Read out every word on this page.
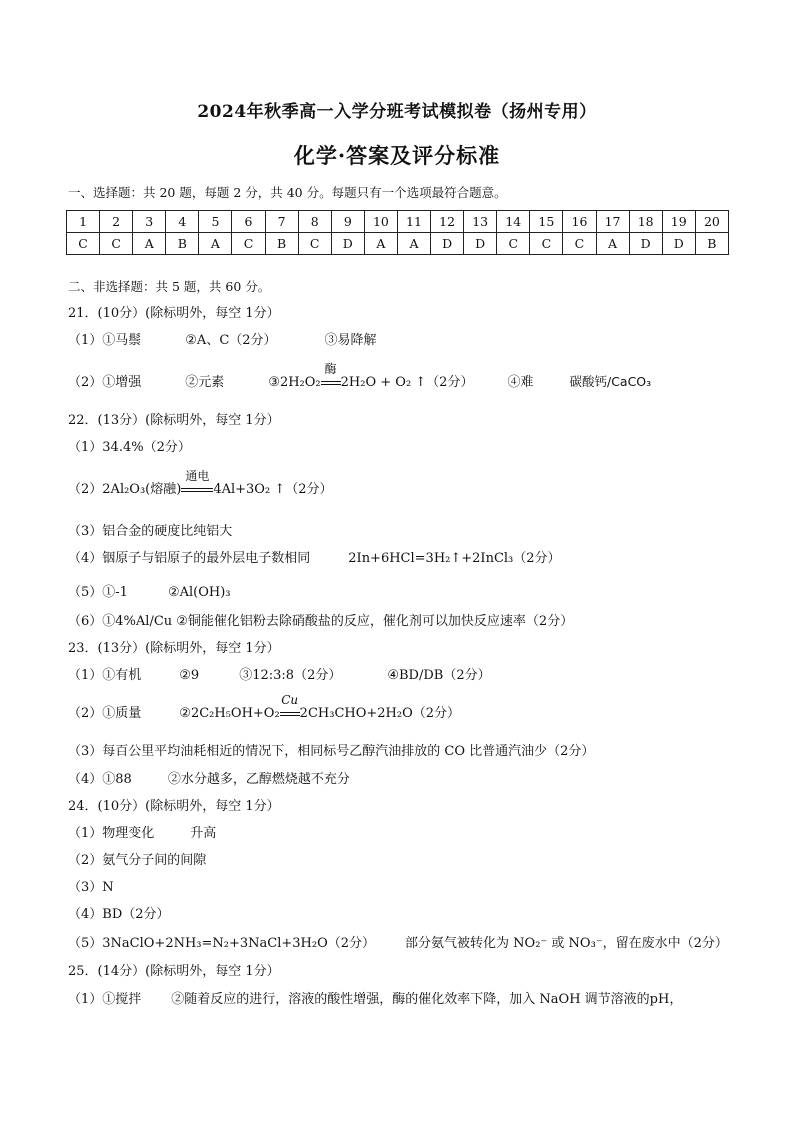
2024年秋季高一入学分班考试模拟卷（扬州专用）
化学·答案及评分标准
一、选择题：共 20 题，每题 2 分，共 40 分。每题只有一个选项最符合题意。
1	2	3	4	5	6	7	8	9	10	11	12	13	14	15	16	17	18	19	20
C	C	A	B	A	C	B	C	D	A	A	D	D	C	C	C	A	D	D	B
二、非选择题：共 5 题，共 60 分。
21．(10分）(除标明外，每空 1分）
（1）①马鬃	②A、C（2分）	③易降解
（2）①增强	②元素	③2H₂O₂
酶
2H₂O + O₂ ↑（2分）	④难	碳酸钙/CaCO₃
22．(13分）(除标明外，每空 1分）
（1）34.4%（2分）
（2）2Al₂O₃(熔融)
通电
4Al+3O₂ ↑（2分）
（3）铝合金的硬度比纯铝大
（4）铟原子与铝原子的最外层电子数相同	2In+6HCl=3H₂↑+2InCl₃（2分）
（5）①-1	②Al(OH)₃
（6）①4%Al/Cu ②铜能催化铝粉去除硝酸盐的反应，催化剂可以加快反应速率（2分）
23．(13分）(除标明外，每空 1分）
（1）①有机	②9	③12:3:8（2分）	④BD/DB（2分）
（2）①质量	②2C₂H₅OH+O₂
Cu
2CH₃CHO+2H₂O（2分）
（3）每百公里平均油耗相近的情况下，相同标号乙醇汽油排放的 CO 比普通汽油少（2分）
（4）①88	②水分越多，乙醇燃烧越不充分
24．(10分）(除标明外，每空 1分）
（1）物理变化	升高
（2）氨气分子间的间隙
（3）N
（4）BD（2分）
（5）3NaClO+2NH₃=N₂+3NaCl+3H₂O（2分） 部分氨气被转化为 NO₂⁻ 或 NO₃⁻，留在废水中（2分）
25．(14分）(除标明外，每空 1分）
（1）①搅拌 ②随着反应的进行，溶液的酸性增强，酶的催化效率下降，加入 NaOH 调节溶液的pH，
